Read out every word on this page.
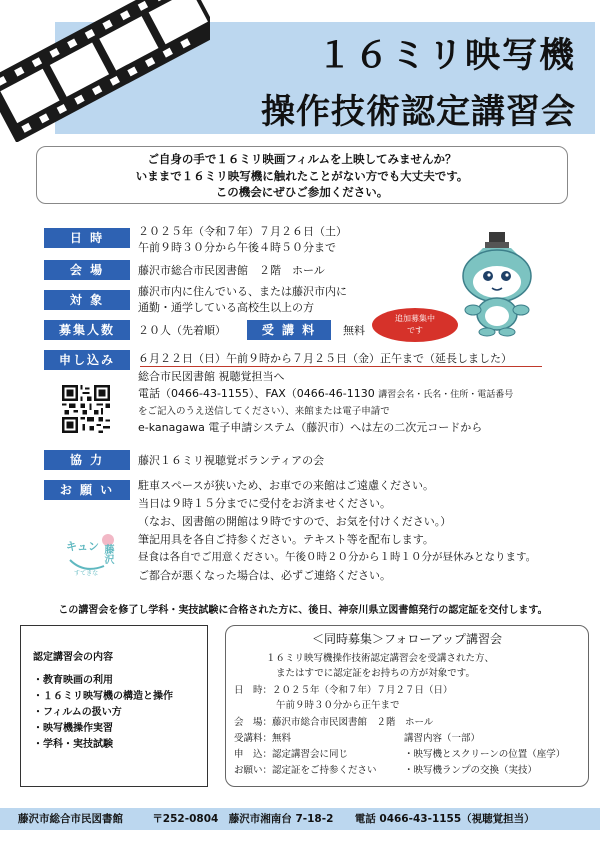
１６ミリ映写機
操作技術認定講習会
ご自身の手で１６ミリ映画フィルムを上映してみませんか？
いままで１６ミリ映写機に触れたことがない方でも大丈夫です。
この機会にぜひご参加ください。
日 時	２０２５年（令和７年）７月２６日（土）
午前９時３０分から午後４時５０分まで
会 場	藤沢市総合市民図書館　２階　ホール
対 象
藤沢市内に住んでいる、または藤沢市内に
通勤・通学している高校生以上の方
募集人数	２０人（先着順）	受 講 料	無料
追加募集中
です
申し込み	６月２２日（日）午前９時から７月２５日（金）正午まで（延長しました）
総合市民図書館 視聴覚担当へ
電話（0466-43-1155）、FAX（0466-46-1130 講習会名・氏名・住所・電話番号
をご記入のうえ送信してください）、来館または電子申請で
e-kanagawa 電子申請システム（藤沢市）へは左の二次元コードから
協 力	藤沢１６ミリ視聴覚ボランティアの会
お 願 い	駐車スペースが狭いため、お車での来館はご遠慮ください。
当日は９時１５分までに受付をお済ませください。
（なお、図書館の開館は９時ですので、お気を付けください。）
筆記用具を各自ご持参ください。テキスト等を配布します。
昼食は各自でご用意ください。午後０時２０分から１時１０分が昼休みとなります。
ご都合が悪くなった場合は、必ずご連絡ください。
キュン 藤沢
すてきな
この講習会を修了し学科・実技試験に合格された方に、後日、神奈川県立図書館発行の認定証を交付します。
認定講習会の内容
・教育映画の利用
・１６ミリ映写機の構造と操作
・フィルムの扱い方
・映写機操作実習
・学科・実技試験
＜同時募集＞フォローアップ講習会
１６ミリ映写機操作技術認定講習会を受講された方、
またはすでに認定証をお持ちの方が対象です。
日　時：２０２５年（令和７年）７月２７日（日）
午前９時３０分から正午まで
会　場：藤沢市総合市民図書館　２階　ホール
受講料：無料
申　込：認定講習会に同じ
お願い：認定証をご持参ください
講習内容（一部）
・映写機とスクリーンの位置（座学）
・映写機ランプの交換（実技）
藤沢市総合市民図書館	〒252-0804　藤沢市湘南台 7-18-2 電話 0466-43-1155（視聴覚担当）
